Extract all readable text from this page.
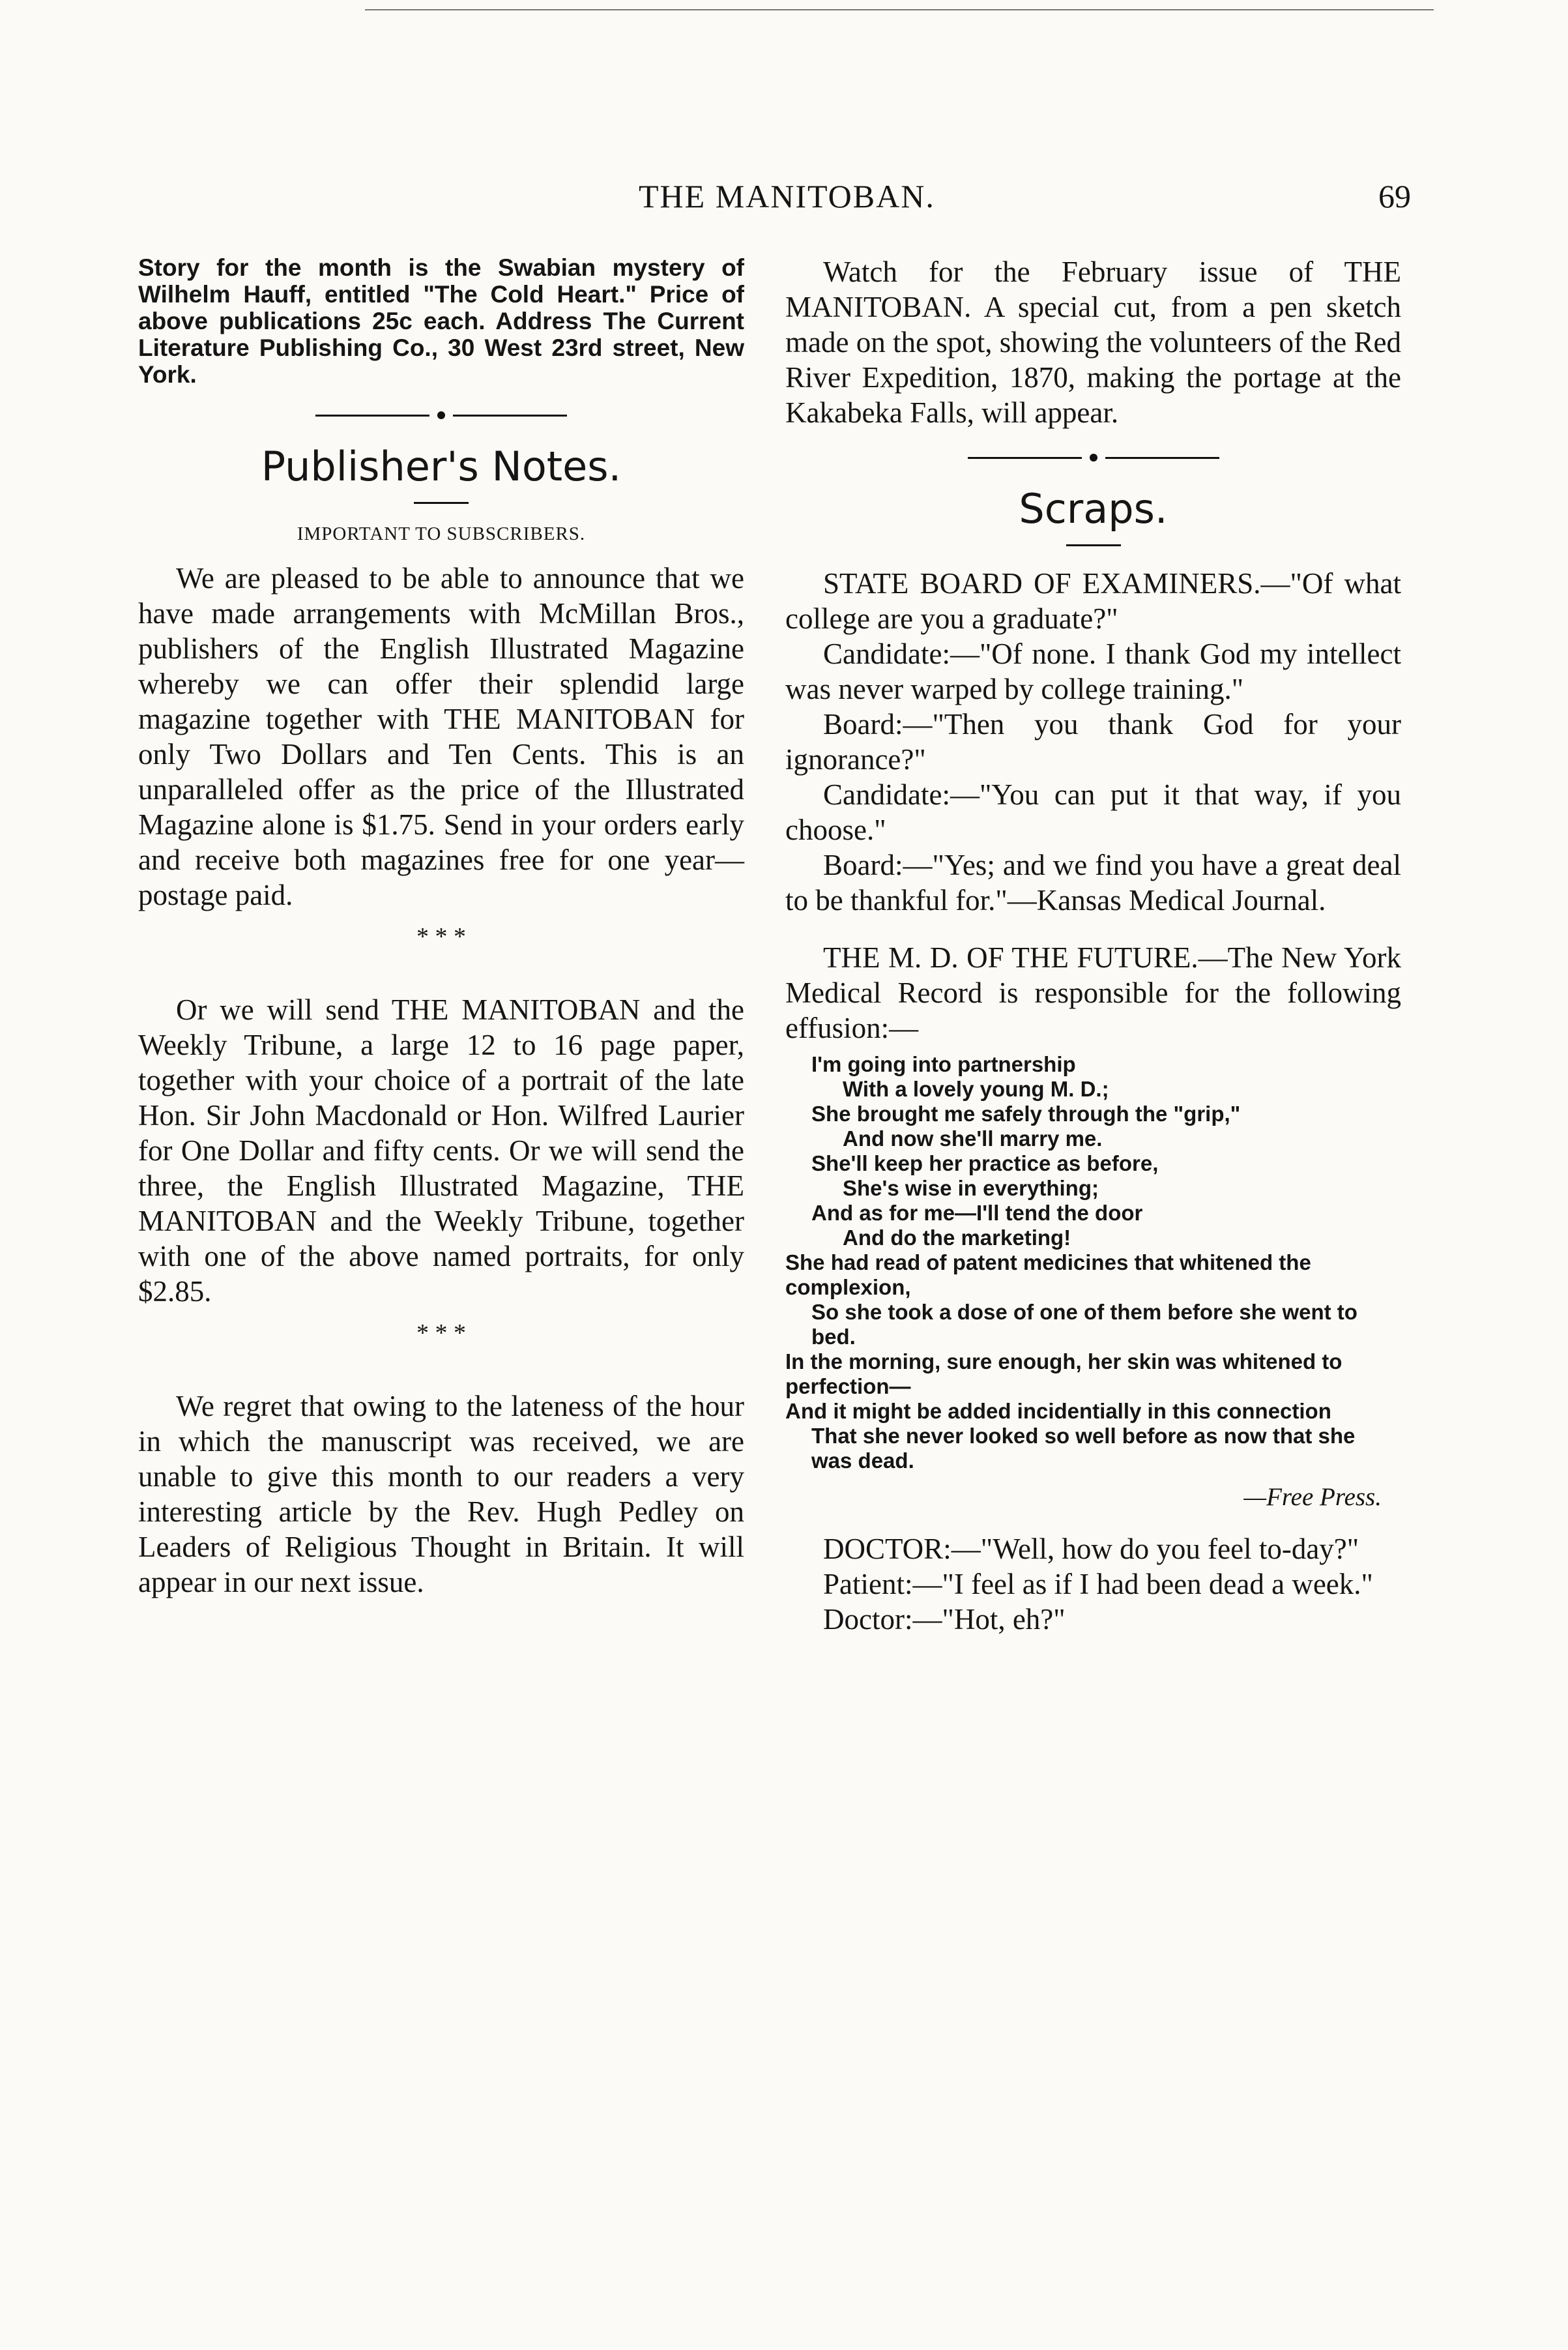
THE MANITOBAN.	69

Story for the month is the Swabian mystery of Wilhelm Hauff, entitled "The Cold Heart." Price of above publications 25c each. Address The Current Literature Publishing Co., 30 West 23rd street, New York.

Publisher's Notes.
IMPORTANT TO SUBSCRIBERS.

We are pleased to be able to announce that we have made arrangements with McMillan Bros., publishers of the English Illustrated Magazine whereby we can offer their splendid large magazine together with THE MANITOBAN for only Two Dollars and Ten Cents. This is an unparalleled offer as the price of the Illustrated Magazine alone is $1.75. Send in your orders early and receive both magazines free for one year—postage paid.

* * *

Or we will send THE MANITOBAN and the Weekly Tribune, a large 12 to 16 page paper, together with your choice of a portrait of the late Hon. Sir John Macdonald or Hon. Wilfred Laurier for One Dollar and fifty cents. Or we will send the three, the English Illustrated Magazine, THE MANITOBAN and the Weekly Tribune, together with one of the above named portraits, for only $2.85.

* * *

We regret that owing to the lateness of the hour in which the manuscript was received, we are unable to give this month to our readers a very interesting article by the Rev. Hugh Pedley on Leaders of Religious Thought in Britain. It will appear in our next issue.

Watch for the February issue of THE MANITOBAN. A special cut, from a pen sketch made on the spot, showing the volunteers of the Red River Expedition, 1870, making the portage at the Kakabeka Falls, will appear.

Scraps.

STATE BOARD OF EXAMINERS.—"Of what college are you a graduate?"

Candidate:—"Of none. I thank God my intellect was never warped by college training."

Board:—"Then you thank God for your ignorance?"

Candidate:—"You can put it that way, if you choose."

Board:—"Yes; and we find you have a great deal to be thankful for."—Kansas Medical Journal.

THE M. D. OF THE FUTURE.—The New York Medical Record is responsible for the following effusion:—

I'm going into partnership

With a lovely young M. D.;

She brought me safely through the "grip,"

And now she'll marry me.

She'll keep her practice as before,

She's wise in everything;

And as for me—I'll tend the door

And do the marketing!

She had read of patent medicines that whitened the complexion,

So she took a dose of one of them before she went to bed.

In the morning, sure enough, her skin was whitened to perfection—

And it might be added incidentially in this connection

That she never looked so well before as now that she was dead.

—Free Press.

DOCTOR:—"Well, how do you feel to-day?"

Patient:—"I feel as if I had been dead a week."

Doctor:—"Hot, eh?"
